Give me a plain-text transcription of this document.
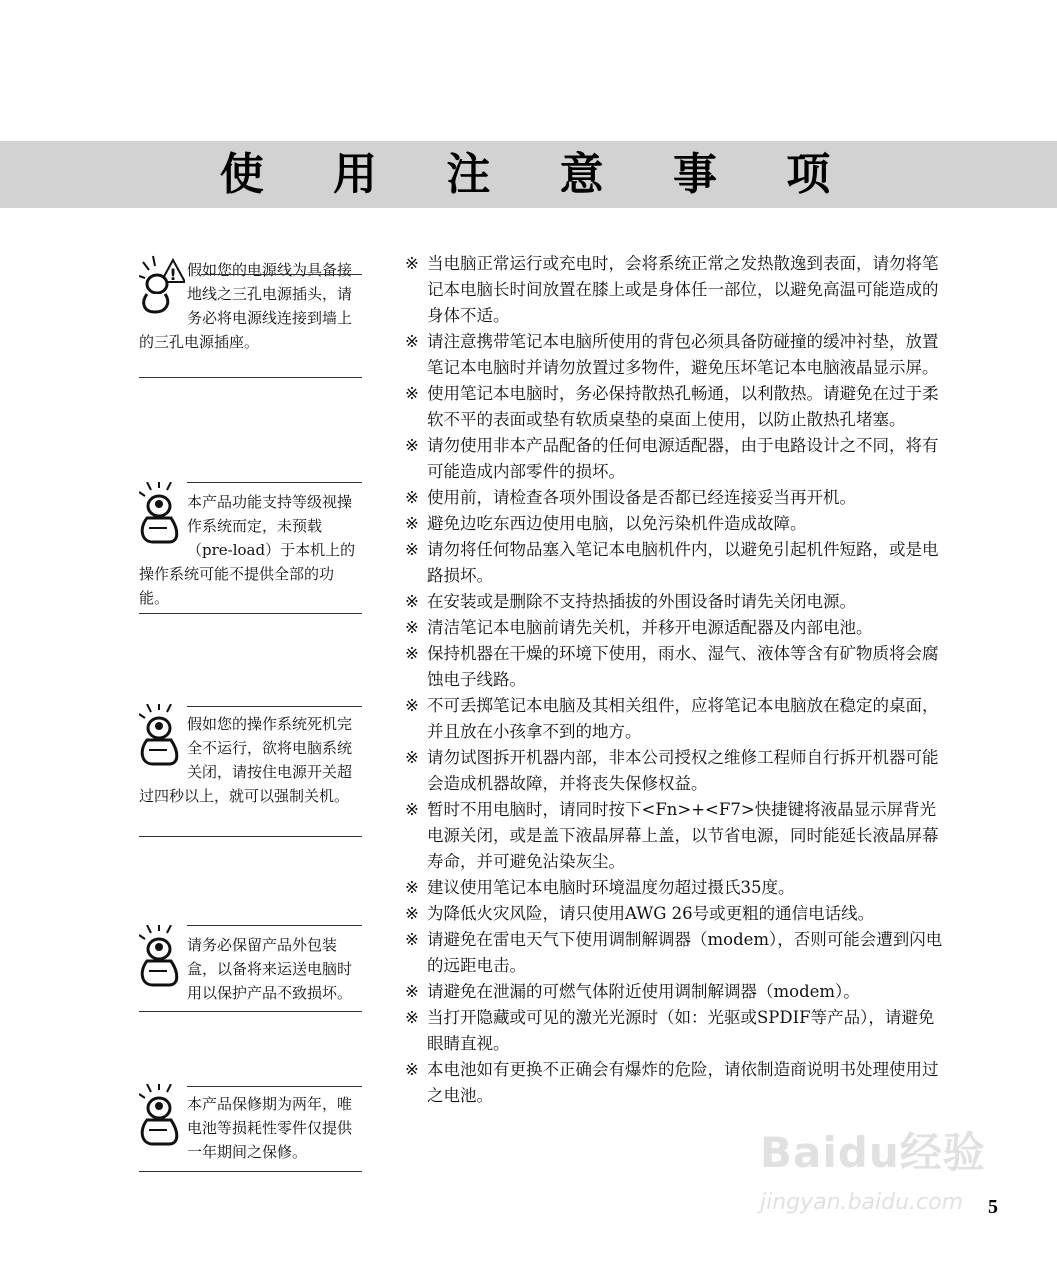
使 用 注 意 事 项
! 假如您的电源线为具备接地线之三孔电源插头，请务必将电源线连接到墙上的三孔电源插座。
本产品功能支持等级视操作系统而定，未预载（pre-load）于本机上的操作系统可能不提供全部的功能。
假如您的操作系统死机完全不运行，欲将电脑系统关闭，请按住电源开关超过四秒以上，就可以强制关机。
请务必保留产品外包装盒，以备将来运送电脑时用以保护产品不致损坏。
本产品保修期为两年，唯电池等损耗性零件仅提供一年期间之保修。

※ 当电脑正常运行或充电时，会将系统正常之发热散逸到表面，请勿将笔记本电脑长时间放置在膝上或是身体任一部位，以避免高温可能造成的身体不适。

※ 请注意携带笔记本电脑所使用的背包必须具备防碰撞的缓冲衬垫，放置笔记本电脑时并请勿放置过多物件，避免压坏笔记本电脑液晶显示屏。

※ 使用笔记本电脑时，务必保持散热孔畅通，以利散热。请避免在过于柔软不平的表面或垫有软质桌垫的桌面上使用，以防止散热孔堵塞。

※ 请勿使用非本产品配备的任何电源适配器，由于电路设计之不同，将有可能造成内部零件的损坏。

※ 使用前，请检查各项外围设备是否都已经连接妥当再开机。

※ 避免边吃东西边使用电脑，以免污染机件造成故障。

※ 请勿将任何物品塞入笔记本电脑机件内，以避免引起机件短路，或是电路损坏。

※ 在安装或是删除不支持热插拔的外围设备时请先关闭电源。

※ 清洁笔记本电脑前请先关机，并移开电源适配器及内部电池。

※ 保持机器在干燥的环境下使用，雨水、湿气、液体等含有矿物质将会腐蚀电子线路。

※ 不可丢掷笔记本电脑及其相关组件，应将笔记本电脑放在稳定的桌面，并且放在小孩拿不到的地方。

※ 请勿试图拆开机器内部，非本公司授权之维修工程师自行拆开机器可能会造成机器故障，并将丧失保修权益。

※ 暂时不用电脑时，请同时按下<Fn>+<F7>快捷键将液晶显示屏背光电源关闭，或是盖下液晶屏幕上盖，以节省电源，同时能延长液晶屏幕寿命，并可避免沾染灰尘。

※ 建议使用笔记本电脑时环境温度勿超过摄氏35度。

※ 为降低火灾风险，请只使用AWG 26号或更粗的通信电话线。

※ 请避免在雷电天气下使用调制解调器（modem），否则可能会遭到闪电的远距电击。

※ 请避免在泄漏的可燃气体附近使用调制解调器（modem）。

※ 当打开隐藏或可见的激光光源时（如：光驱或SPDIF等产品），请避免眼睛直视。

※ 本电池如有更换不正确会有爆炸的危险，请依制造商说明书处理使用过之电池。

5
Baidu经验
jingyan.baidu.com
